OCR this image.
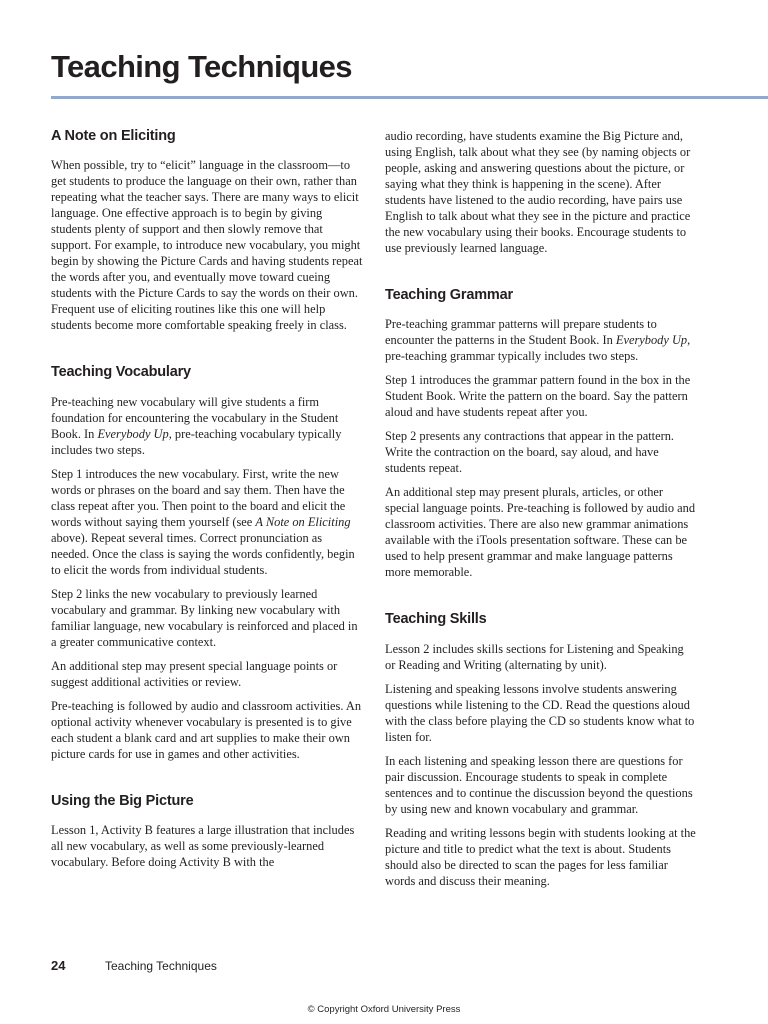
Teaching Techniques
A Note on Eliciting

When possible, try to “elicit” language in the classroom—to get students to produce the language on their own, rather than repeating what the teacher says. There are many ways to elicit language. One effective approach is to begin by giving students plenty of support and then slowly remove that support. For example, to introduce new vocabulary, you might begin by showing the Picture Cards and having students repeat the words after you, and eventually move toward cueing students with the Picture Cards to say the words on their own. Frequent use of eliciting routines like this one will help students become more comfortable speaking freely in class.

Teaching Vocabulary

Pre-teaching new vocabulary will give students a firm foundation for encountering the vocabulary in the Student Book. In Everybody Up, pre-teaching vocabulary typically includes two steps.

Step 1 introduces the new vocabulary. First, write the new words or phrases on the board and say them. Then have the class repeat after you. Then point to the board and elicit the words without saying them yourself (see A Note on Eliciting above). Repeat several times. Correct pronunciation as needed. Once the class is saying the words confidently, begin to elicit the words from individual students.

Step 2 links the new vocabulary to previously learned vocabulary and grammar. By linking new vocabulary with familiar language, new vocabulary is reinforced and placed in a greater communicative context.

An additional step may present special language points or suggest additional activities or review.

Pre-teaching is followed by audio and classroom activities. An optional activity whenever vocabulary is presented is to give each student a blank card and art supplies to make their own picture cards for use in games and other activities.

Using the Big Picture

Lesson 1, Activity B features a large illustration that includes all new vocabulary, as well as some previously-learned vocabulary. Before doing Activity B with the

audio recording, have students examine the Big Picture and, using English, talk about what they see (by naming objects or people, asking and answering questions about the picture, or saying what they think is happening in the scene). After students have listened to the audio recording, have pairs use English to talk about what they see in the picture and practice the new vocabulary using their books. Encourage students to use previously learned language.

Teaching Grammar

Pre-teaching grammar patterns will prepare students to encounter the patterns in the Student Book. In Everybody Up, pre-teaching grammar typically includes two steps.

Step 1 introduces the grammar pattern found in the box in the Student Book. Write the pattern on the board. Say the pattern aloud and have students repeat after you.

Step 2 presents any contractions that appear in the pattern. Write the contraction on the board, say aloud, and have students repeat.

An additional step may present plurals, articles, or other special language points. Pre-teaching is followed by audio and classroom activities. There are also new grammar animations available with the iTools presentation software. These can be used to help present grammar and make language patterns more memorable.

Teaching Skills

Lesson 2 includes skills sections for Listening and Speaking or Reading and Writing (alternating by unit).

Listening and speaking lessons involve students answering questions while listening to the CD. Read the questions aloud with the class before playing the CD so students know what to listen for.

In each listening and speaking lesson there are questions for pair discussion. Encourage students to speak in complete sentences and to continue the discussion beyond the questions by using new and known vocabulary and grammar.

Reading and writing lessons begin with students looking at the picture and title to predict what the text is about. Students should also be directed to scan the pages for less familiar words and discuss their meaning.

24	Teaching Techniques
© Copyright Oxford University Press
